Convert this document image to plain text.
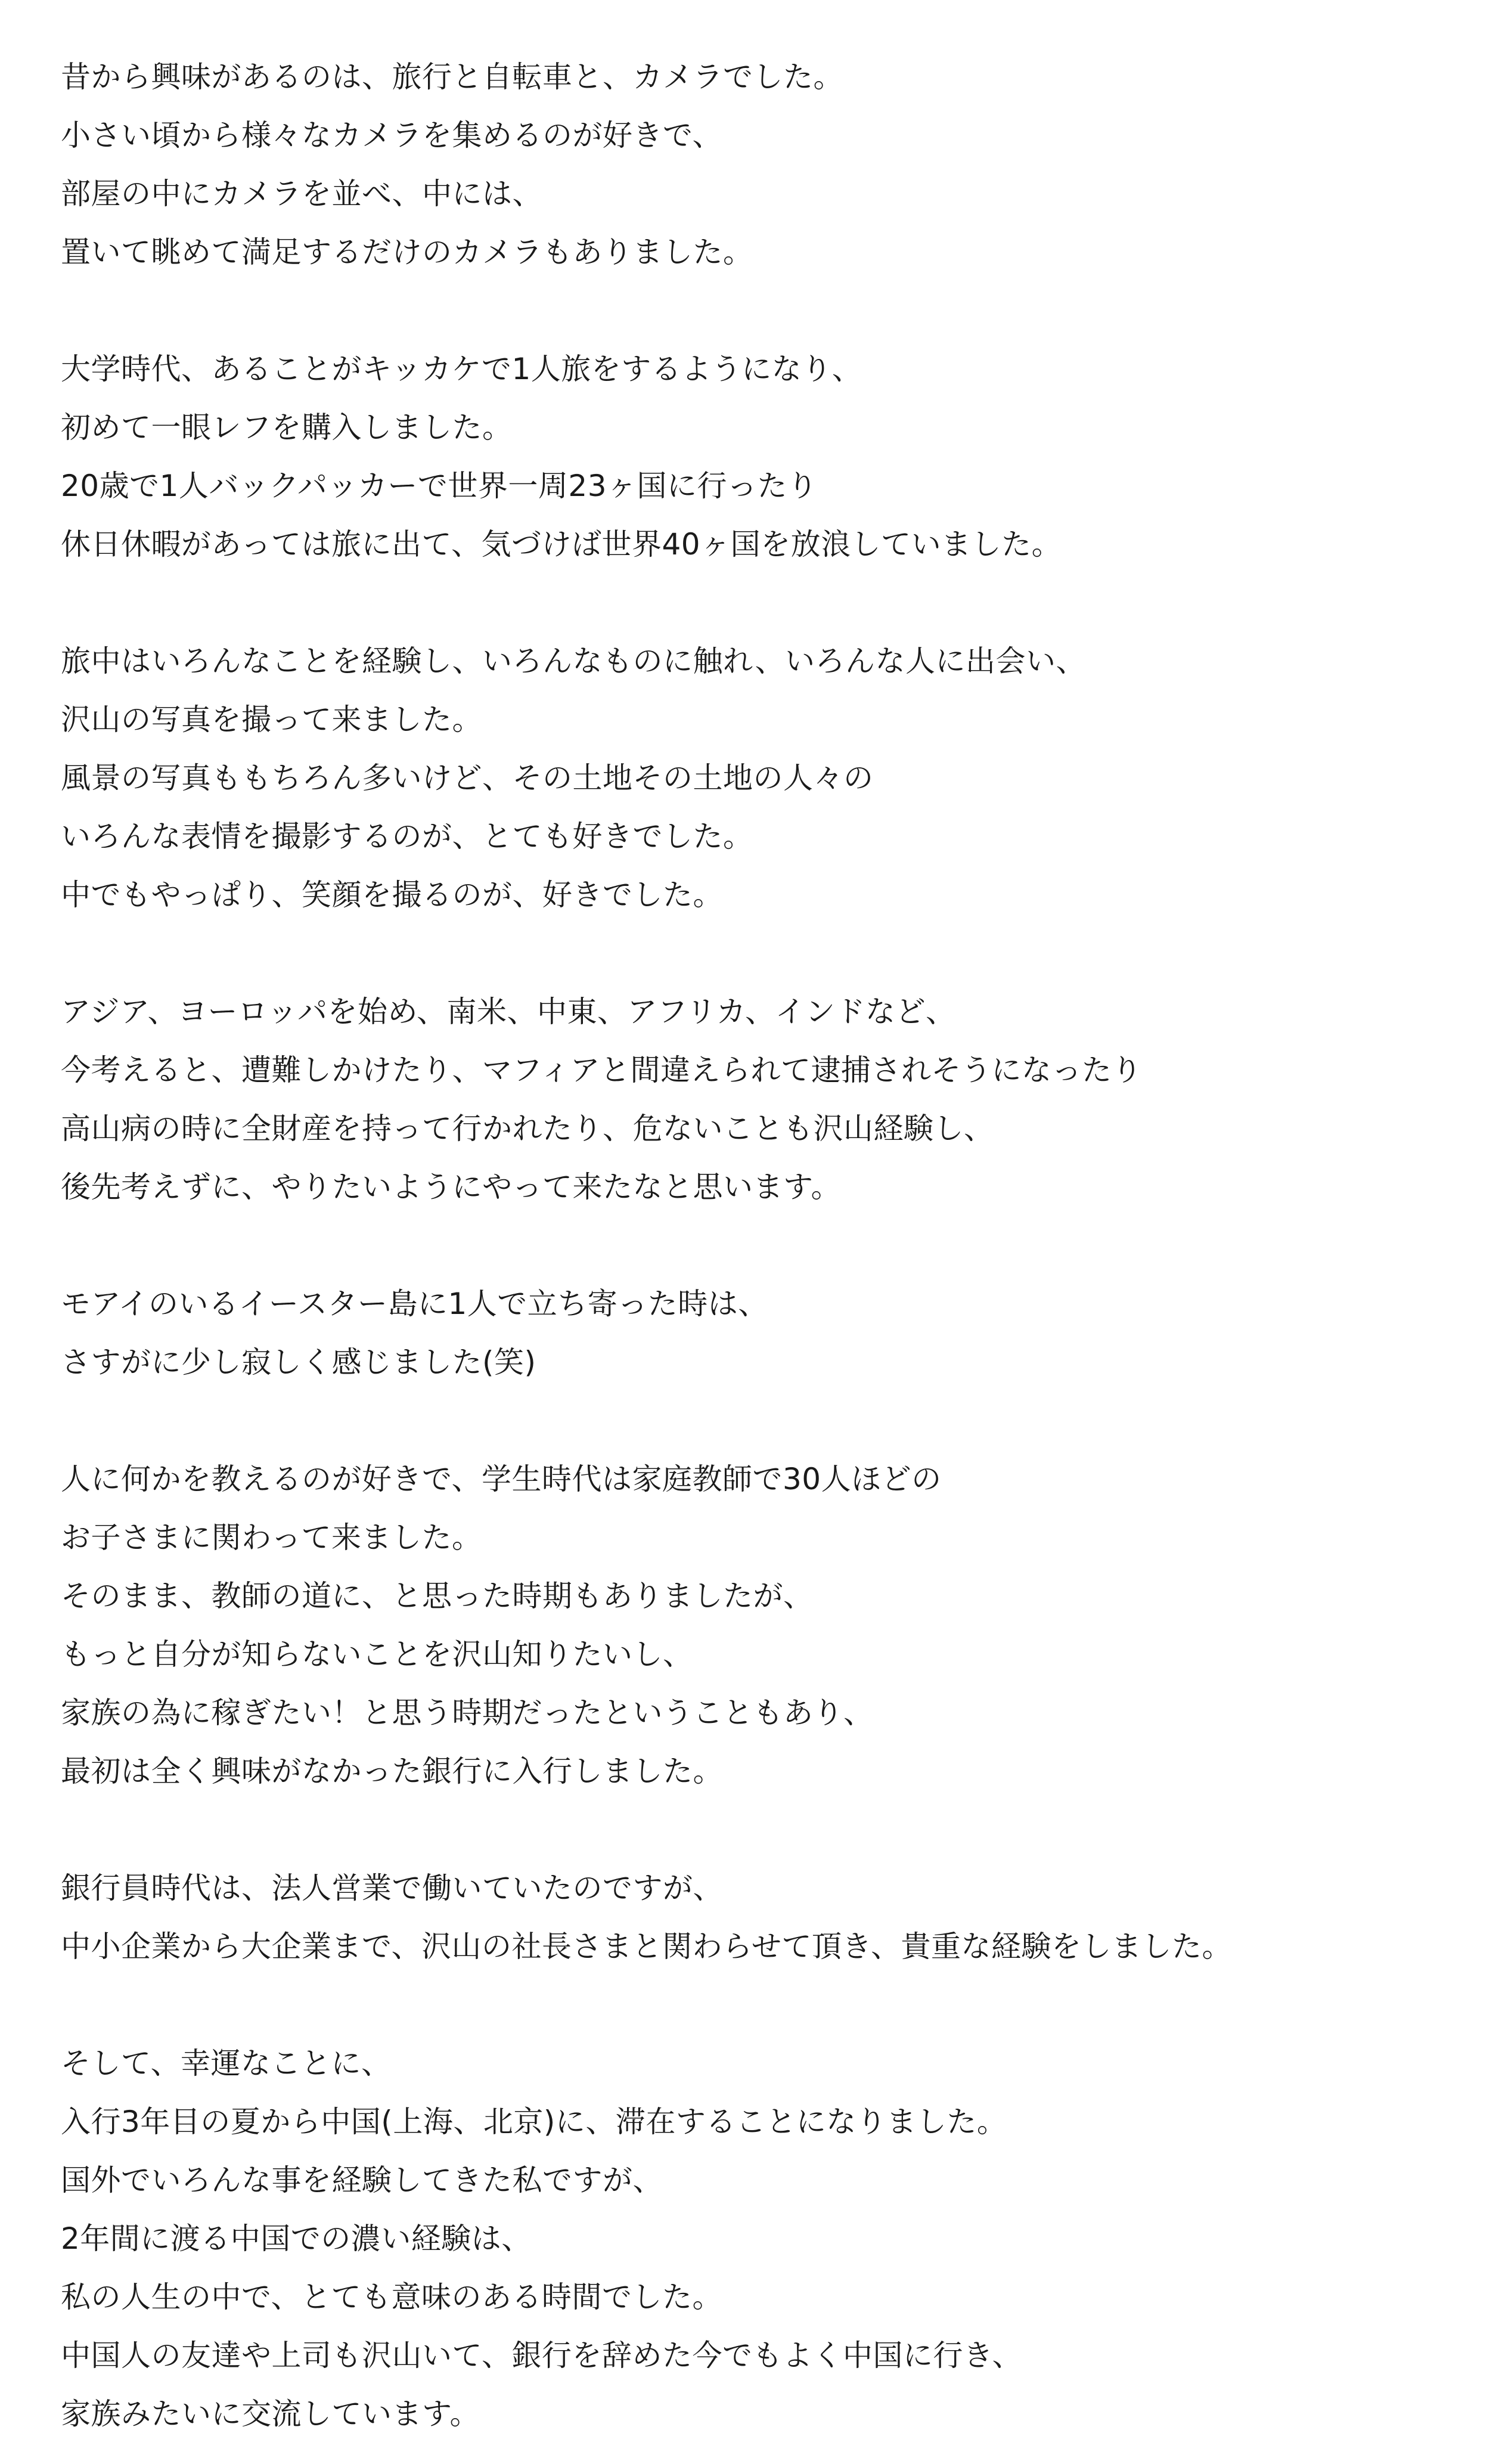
昔から興味があるのは、旅行と自転車と、カメラでした。
小さい頃から様々なカメラを集めるのが好きで、
部屋の中にカメラを並べ、中には、
置いて眺めて満足するだけのカメラもありました。
大学時代、あることがキッカケで1人旅をするようになり、
初めて一眼レフを購入しました。
20歳で1人バックパッカーで世界一周23ヶ国に行ったり
休日休暇があっては旅に出て、気づけば世界40ヶ国を放浪していました。
旅中はいろんなことを経験し、いろんなものに触れ、いろんな人に出会い、
沢山の写真を撮って来ました。
風景の写真ももちろん多いけど、その土地その土地の人々の
いろんな表情を撮影するのが、とても好きでした。
中でもやっぱり、笑顔を撮るのが、好きでした。
アジア、ヨーロッパを始め、南米、中東、アフリカ、インドなど、
今考えると、遭難しかけたり、マフィアと間違えられて逮捕されそうになったり
高山病の時に全財産を持って行かれたり、危ないことも沢山経験し、
後先考えずに、やりたいようにやって来たなと思います。
モアイのいるイースター島に1人で立ち寄った時は、
さすがに少し寂しく感じました(笑)
人に何かを教えるのが好きで、学生時代は家庭教師で30人ほどの
お子さまに関わって来ました。
そのまま、教師の道に、と思った時期もありましたが、
もっと自分が知らないことを沢山知りたいし、
家族の為に稼ぎたい！と思う時期だったということもあり、
最初は全く興味がなかった銀行に入行しました。
銀行員時代は、法人営業で働いていたのですが、
中小企業から大企業まで、沢山の社長さまと関わらせて頂き、貴重な経験をしました。
そして、幸運なことに、
入行3年目の夏から中国(上海、北京)に、滞在することになりました。
国外でいろんな事を経験してきた私ですが、
2年間に渡る中国での濃い経験は、
私の人生の中で、とても意味のある時間でした。
中国人の友達や上司も沢山いて、銀行を辞めた今でもよく中国に行き、
家族みたいに交流しています。
